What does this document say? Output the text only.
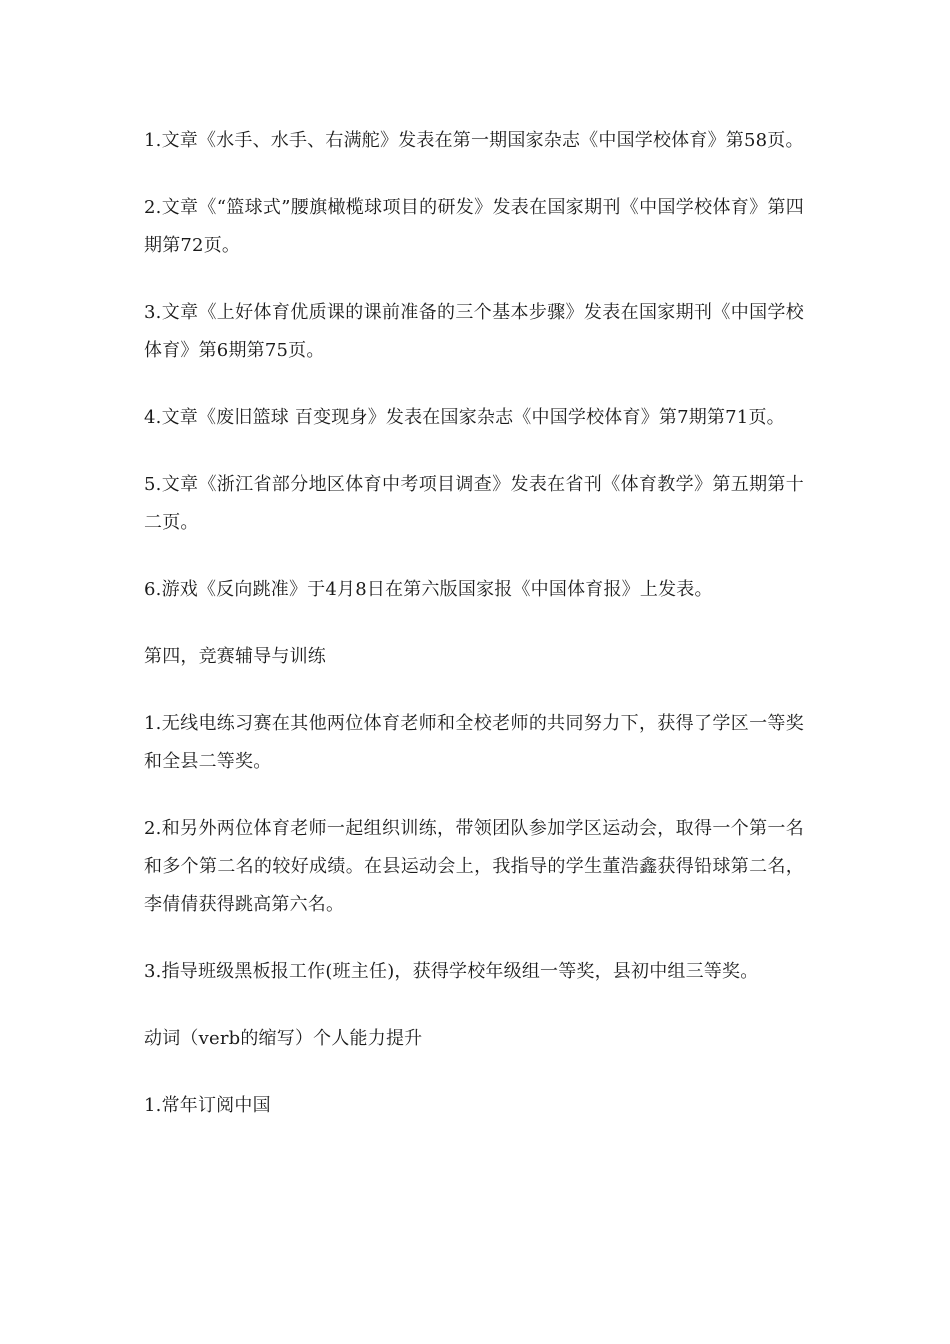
1.文章《水手、水手、右满舵》发表在第一期国家杂志《中国学校体育》第58页。

2.文章《“篮球式”腰旗橄榄球项目的研发》发表在国家期刊《中国学校体育》第四期第72页。

3.文章《上好体育优质课的课前准备的三个基本步骤》发表在国家期刊《中国学校体育》第6期第75页。

4.文章《废旧篮球 百变现身》发表在国家杂志《中国学校体育》第7期第71页。

5.文章《浙江省部分地区体育中考项目调查》发表在省刊《体育教学》第五期第十二页。

6.游戏《反向跳准》于4月8日在第六版国家报《中国体育报》上发表。

第四，竞赛辅导与训练

1.无线电练习赛在其他两位体育老师和全校老师的共同努力下，获得了学区一等奖和全县二等奖。

2.和另外两位体育老师一起组织训练，带领团队参加学区运动会，取得一个第一名和多个第二名的较好成绩。在县运动会上，我指导的学生董浩鑫获得铅球第二名，李倩倩获得跳高第六名。

3.指导班级黑板报工作(班主任)，获得学校年级组一等奖，县初中组三等奖。

动词（verb的缩写）个人能力提升

1.常年订阅中国
